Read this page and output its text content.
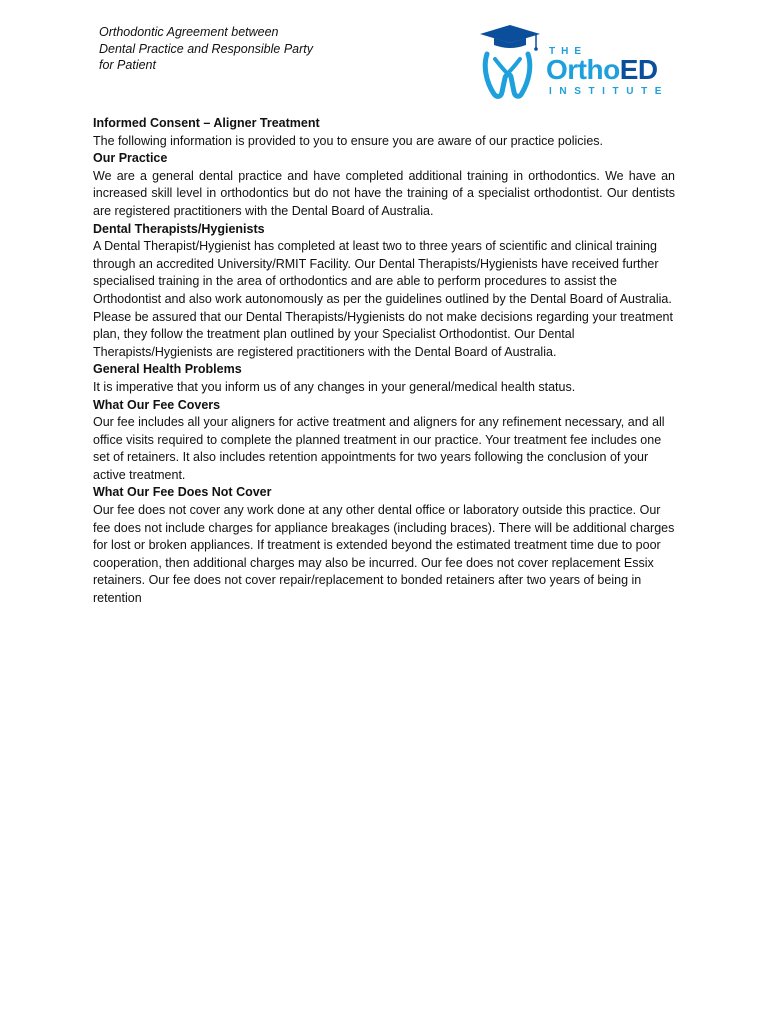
Orthodontic Agreement between
Dental Practice and Responsible Party
for Patient
THE
OrthoED
INSTITUTE
Informed Consent – Aligner Treatment

The following information is provided to you to ensure you are aware of our practice policies.

Our Practice

We are a general dental practice and have completed additional training in orthodontics. We have an increased skill level in orthodontics but do not have the training of a specialist orthodontist. Our dentists are registered practitioners with the Dental Board of Australia.

Dental Therapists/Hygienists

A Dental Therapist/Hygienist has completed at least two to three years of scientific and clinical training through an accredited University/RMIT Facility. Our Dental Therapists/Hygienists have received further specialised training in the area of orthodontics and are able to perform procedures to assist the Orthodontist and also work autonomously as per the guidelines outlined by the Dental Board of Australia. Please be assured that our Dental Therapists/Hygienists do not make decisions regarding your treatment plan, they follow the treatment plan outlined by your Specialist Orthodontist. Our Dental Therapists/Hygienists are registered practitioners with the Dental Board of Australia.

General Health Problems

It is imperative that you inform us of any changes in your general/medical health status.

What Our Fee Covers

Our fee includes all your aligners for active treatment and aligners for any refinement necessary, and all office visits required to complete the planned treatment in our practice. Your treatment fee includes one set of retainers. It also includes retention appointments for two years following the conclusion of your active treatment.

What Our Fee Does Not Cover

Our fee does not cover any work done at any other dental office or laboratory outside this practice. Our fee does not include charges for appliance breakages (including braces). There will be additional charges for lost or broken appliances. If treatment is extended beyond the estimated treatment time due to poor cooperation, then additional charges may also be incurred. Our fee does not cover replacement Essix retainers. Our fee does not cover repair/replacement to bonded retainers after two years of being in retention
